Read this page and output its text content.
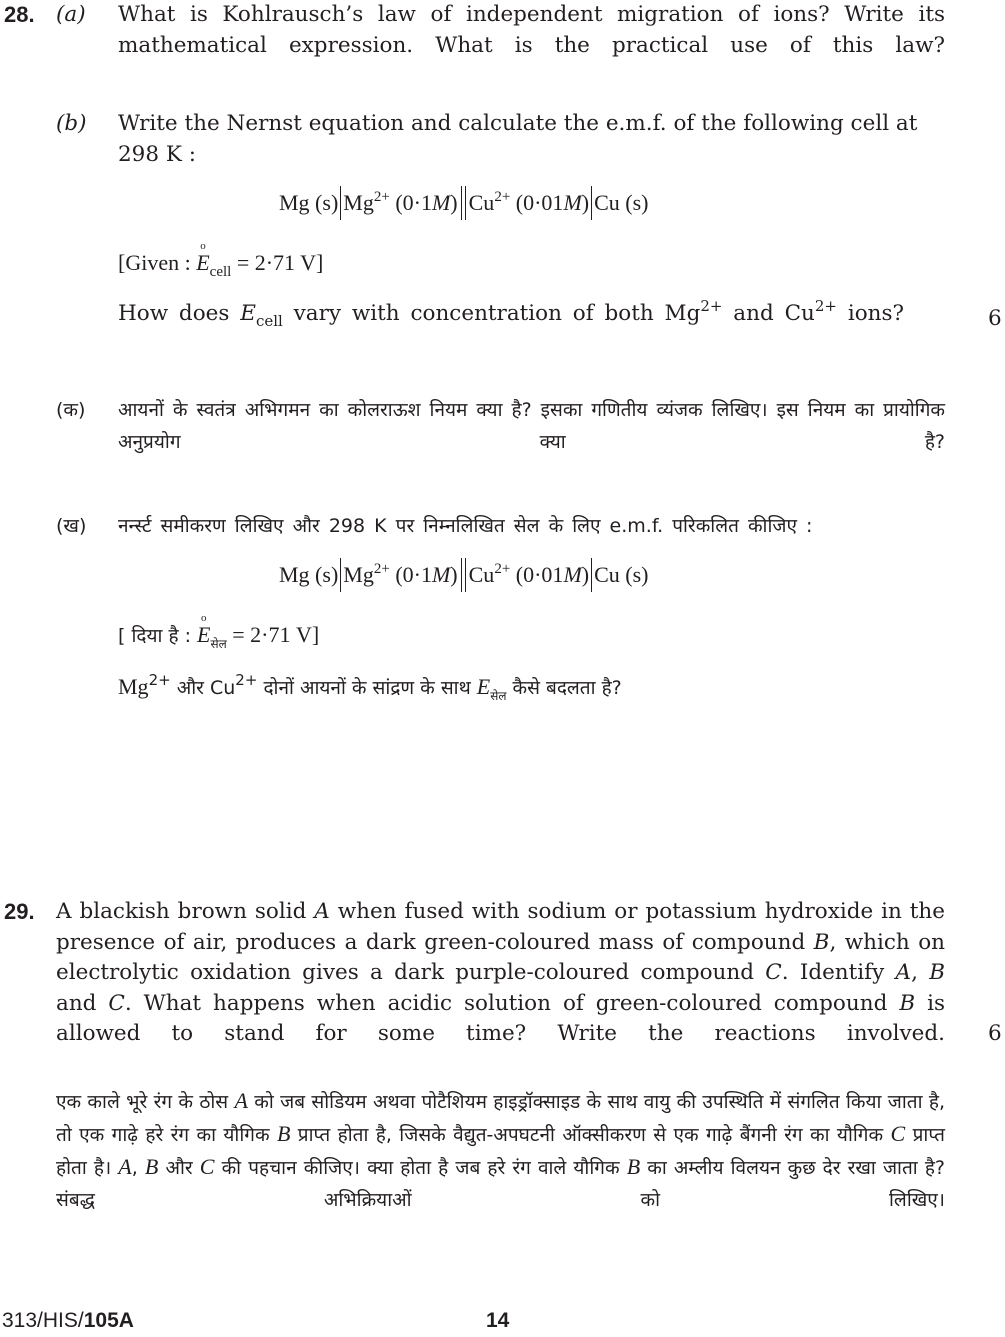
28. (a) What is Kohlrausch’s law of independent migration of ions? Write its mathematical expression. What is the practical use of this law?
(b) Write the Nernst equation and calculate the e.m.f. of the following cell at 298 K :
Mg (s) $Mg^{2+}$ (0·1M) $Cu^{2+}$ (0·01M) Cu (s)
[Given : o $E_{cell} = 2\cdot 71$ V]
How does $E_{cell}$ vary with concentration of both $Mg^{2+}$ and $Cu^{2+}$ ions?	6
(क) आयनों के स्वतंत्र अभिगमन का कोलराऊश नियम क्या है? इसका गणितीय व्यंजक लिखिए। इस नियम का प्रायोगिक अनुप्रयोग क्या है?
(ख) नर्न्स्ट समीकरण लिखिए और 298 K पर निम्नलिखित सेल के लिए e.m.f. परिकलित कीजिए :
Mg (s) $Mg^{2+}$ (0·1M) $Cu^{2+}$ (0·01M) Cu (s)
[ दिया है : o $E_{सेल} = 2\cdot 71$ V]
$Mg^{2+}$ और $Cu^{2+}$ दोनों आयनों के सांद्रण के साथ $E_{सेल}$ कैसे बदलता है?
29. A blackish brown solid A when fused with sodium or potassium hydroxide in the presence of air, produces a dark green-coloured mass of compound B, which on electrolytic oxidation gives a dark purple-coloured compound C. Identify A, B and C. What happens when acidic solution of green-coloured compound B is allowed to stand for some time? Write the reactions involved. 6
एक काले भूरे रंग के ठोस A को जब सोडियम अथवा पोटैशियम हाइड्रॉक्साइड के साथ वायु की उपस्थिति में संगलित किया जाता है, तो एक गाढ़े हरे रंग का यौगिक B प्राप्त होता है, जिसके वैद्युत-अपघटनी ऑक्सीकरण से एक गाढ़े बैंगनी रंग का यौगिक C प्राप्त होता है। A, B और C की पहचान कीजिए। क्या होता है जब हरे रंग वाले यौगिक B का अम्लीय विलयन कुछ देर रखा जाता है? संबद्ध अभिक्रियाओं को लिखिए।
313/HIS/105A	14
